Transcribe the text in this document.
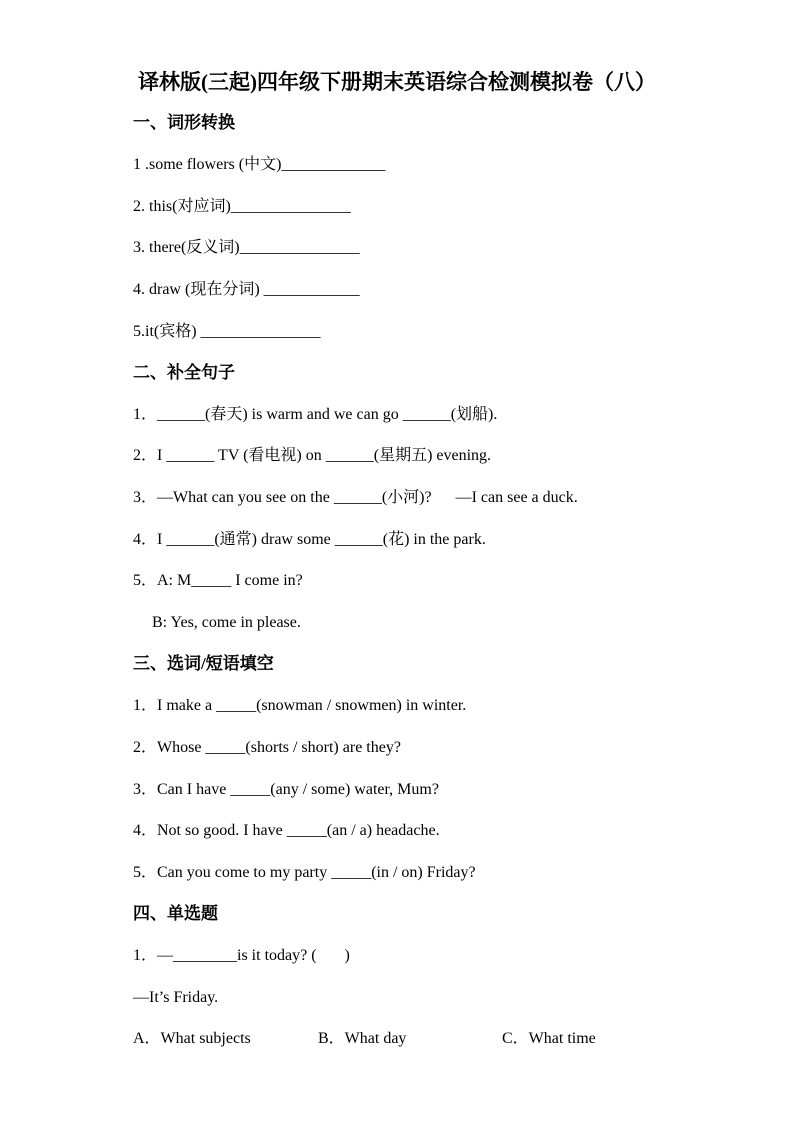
译林版(三起)四年级下册期末英语综合检测模拟卷（八）
一、词形转换
1 .some flowers (中文)_____________
2. this(对应词)_______________
3. there(反义词)_______________
4. draw (现在分词) ____________
5.it(宾格) _______________
二、补全句子
1．______(春天) is warm and we can go ______(划船).
2．I ______ TV (看电视) on ______(星期五) evening.
3．—What can you see on the ______(小河)?      —I can see a duck.
4．I ______(通常) draw some ______(花) in the park.
5．A: M_____ I come in?
B: Yes, come in please.
三、选词/短语填空
1．I make a _____(snowman / snowmen) in winter.
2．Whose _____(shorts / short) are they?
3．Can I have _____(any / some) water, Mum?
4．Not so good. I have _____(an / a) headache.
5．Can you come to my party _____(in / on) Friday?
四、单选题
1．—________is it today? (       )
—It’s Friday.
A．What subjects	B．What day	C．What time
